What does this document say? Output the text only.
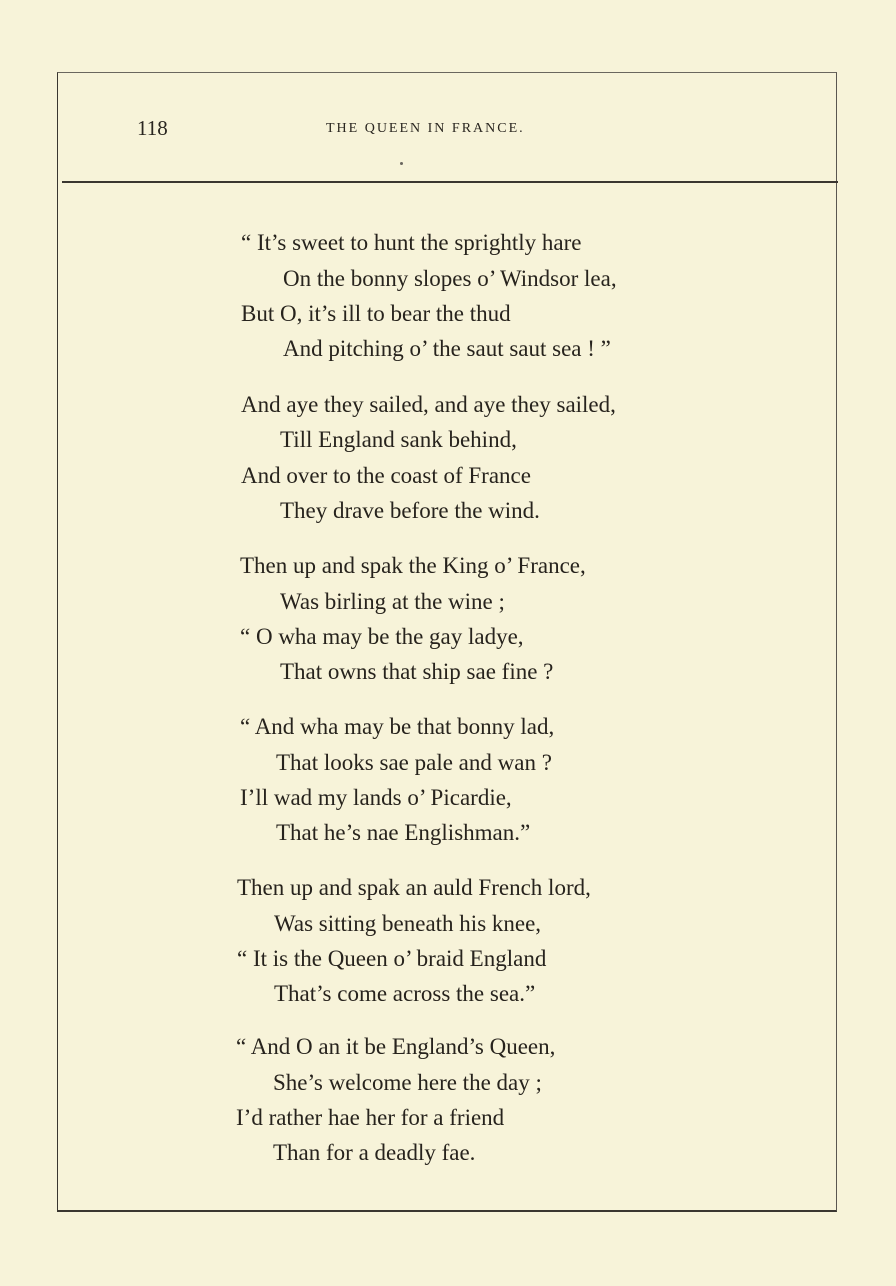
118	THE QUEEN IN FRANCE.
“ It’s sweet to hunt the sprightly hare
On the bonny slopes o’ Windsor lea,
But O, it’s ill to bear the thud
And pitching o’ the saut saut sea ! ”
And aye they sailed, and aye they sailed,
Till England sank behind,
And over to the coast of France
They drave before the wind.
Then up and spak the King o’ France,
Was birling at the wine ;
“ O wha may be the gay ladye,
That owns that ship sae fine ?
“ And wha may be that bonny lad,
That looks sae pale and wan ?
I’ll wad my lands o’ Picardie,
That he’s nae Englishman.”
Then up and spak an auld French lord,
Was sitting beneath his knee,
“ It is the Queen o’ braid England
That’s come across the sea.”
“ And O an it be England’s Queen,
She’s welcome here the day ;
I’d rather hae her for a friend
Than for a deadly fae.
